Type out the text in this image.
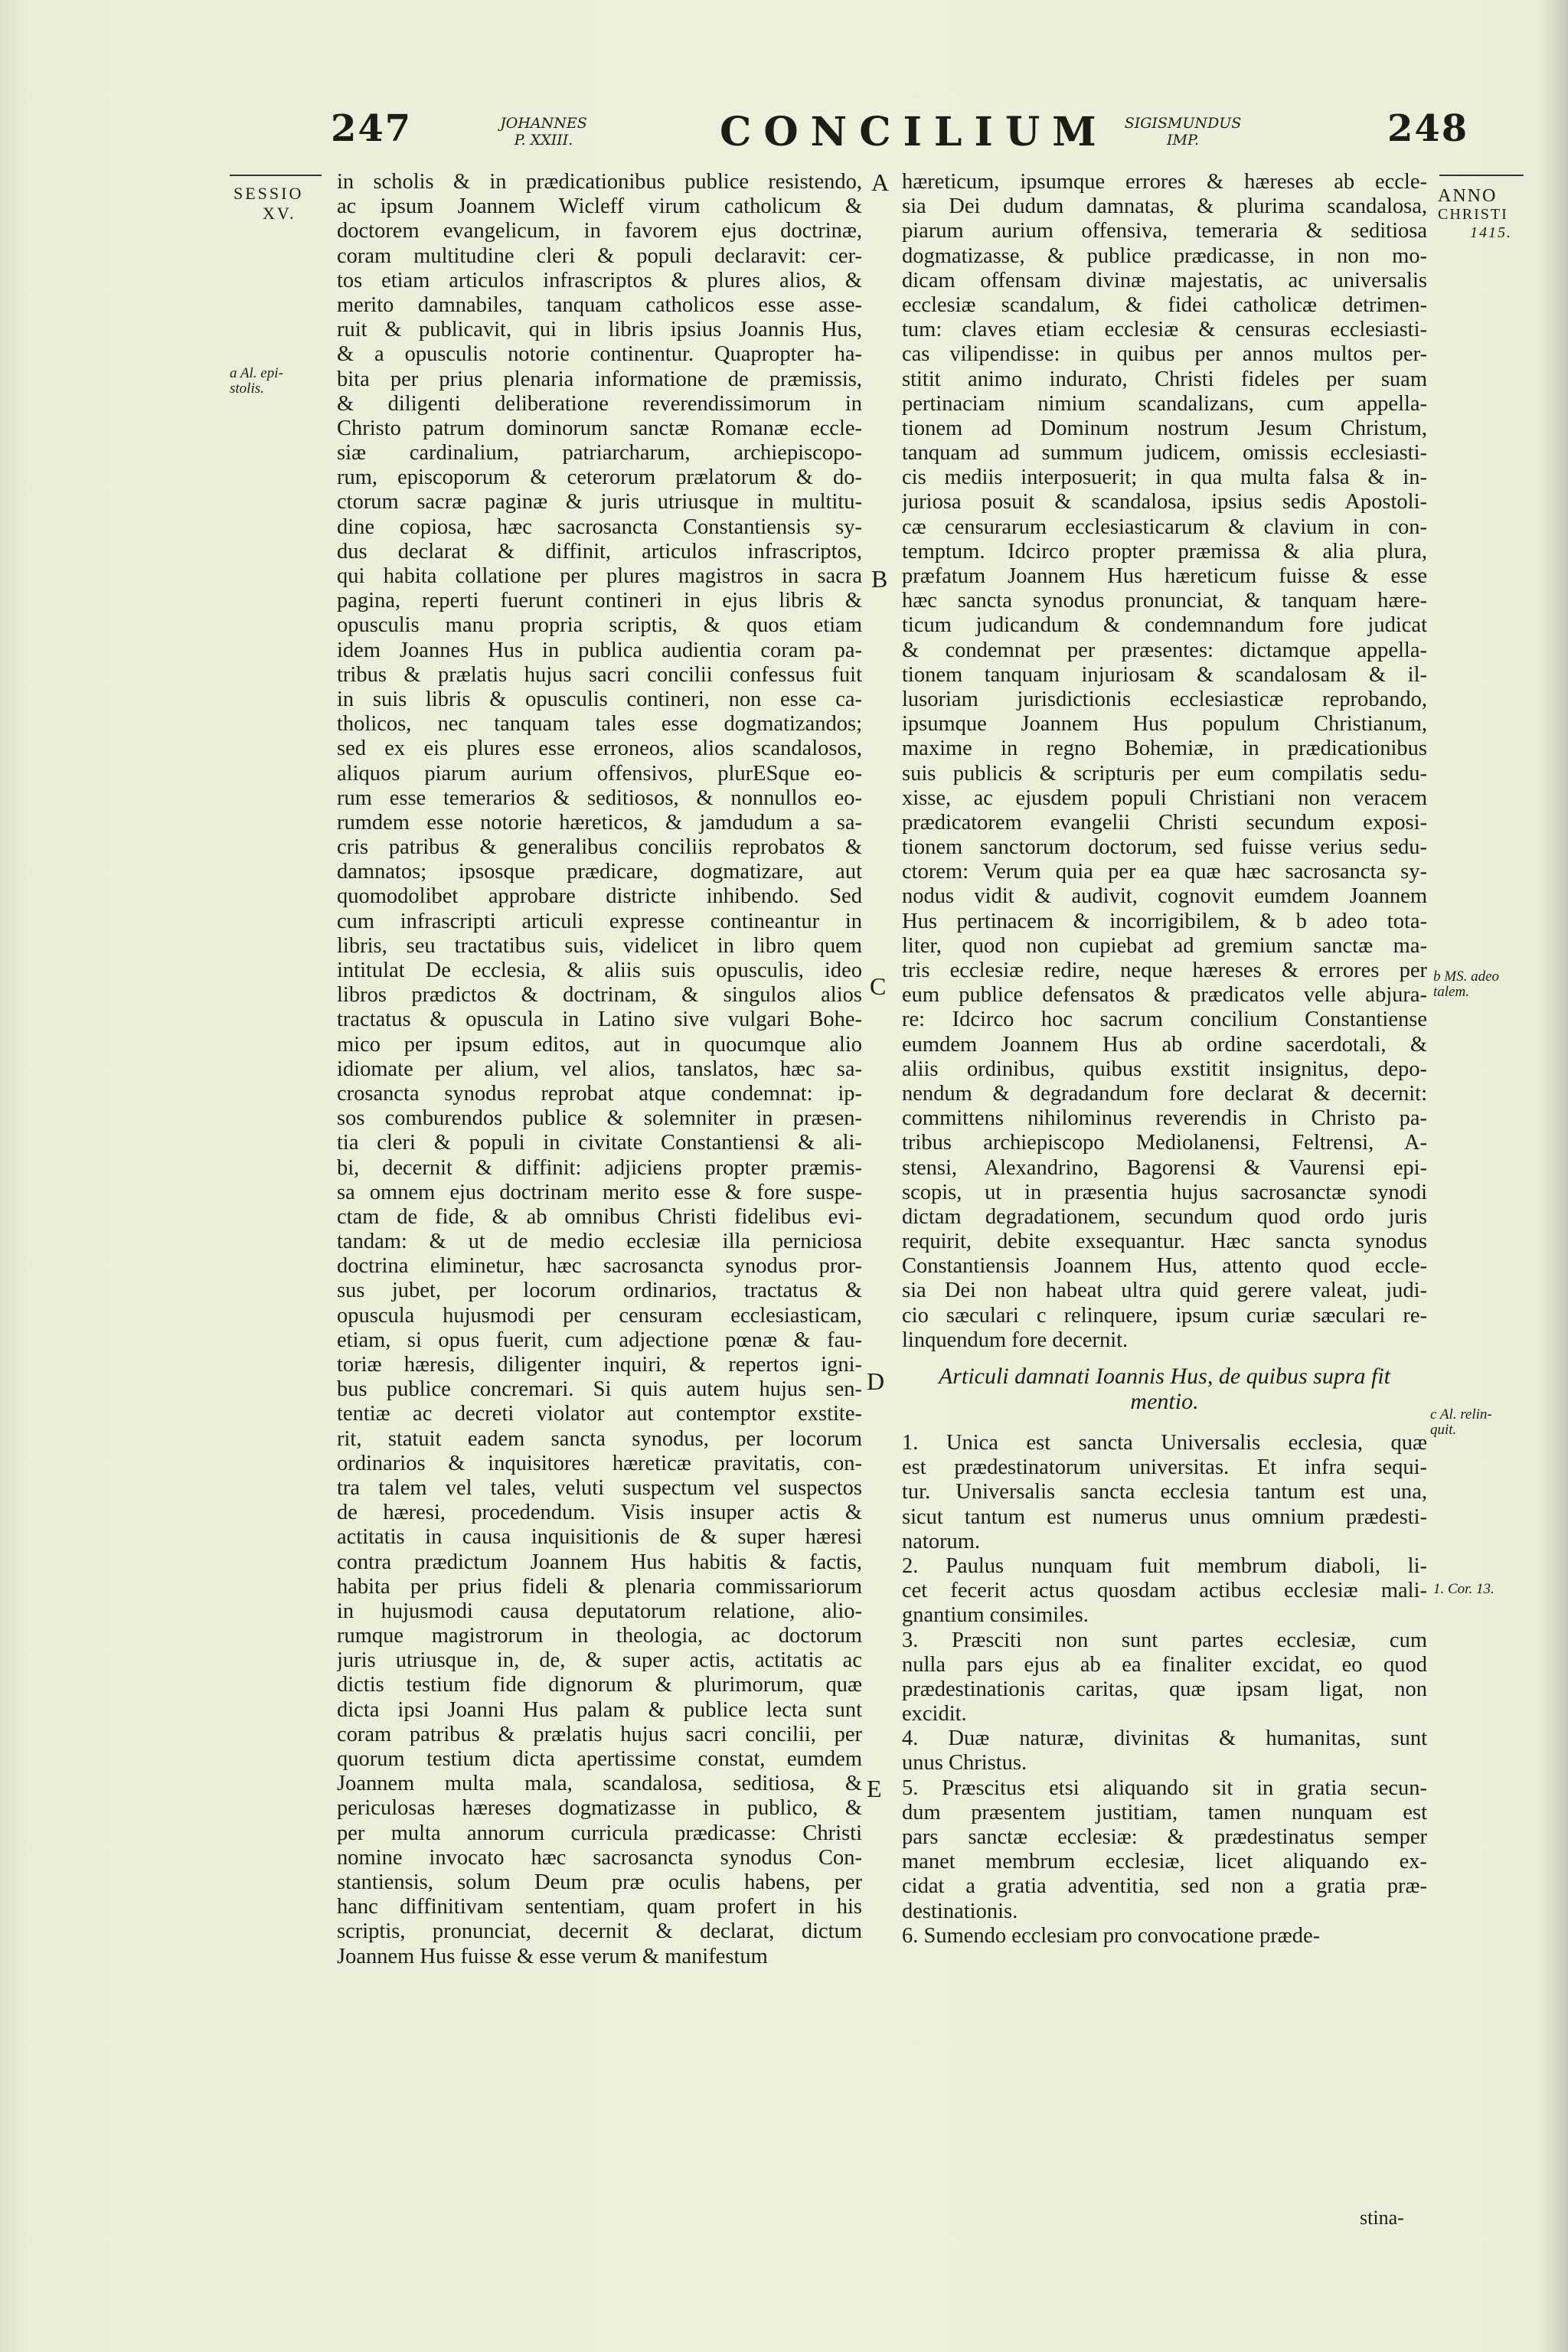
247	JOHANNES
P. XXIII.	CONCILIUM	SIGISMUNDUS
IMP.	248
SESSIO
XV.
a Al. epi-
stolis.
ANNO
CHRISTI
1415.
b MS. adeo
talem.
c Al. relin-
quit.
1. Cor. 13.
A
B
C
D
E
in scholis & in prædicationibus publice resistendo,
ac ipsum Joannem Wicleff virum catholicum &
doctorem evangelicum, in favorem ejus doctrinæ,
coram multitudine cleri & populi declaravit: cer-
tos etiam articulos infrascriptos & plures alios, &
merito damnabiles, tanquam catholicos esse asse-
ruit & publicavit, qui in libris ipsius Joannis Hus,
& a opusculis notorie continentur. Quapropter ha-
bita per prius plenaria informatione de præmissis,
& diligenti deliberatione reverendissimorum in
Christo patrum dominorum sanctæ Romanæ eccle-
siæ cardinalium, patriarcharum, archiepiscopo-
rum, episcoporum & ceterorum prælatorum & do-
ctorum sacræ paginæ & juris utriusque in multitu-
dine copiosa, hæc sacrosancta Constantiensis sy-
dus declarat & diffinit, articulos infrascriptos,
qui habita collatione per plures magistros in sacra
pagina, reperti fuerunt contineri in ejus libris &
opusculis manu propria scriptis, & quos etiam
idem Joannes Hus in publica audientia coram pa-
tribus & prælatis hujus sacri concilii confessus fuit
in suis libris & opusculis contineri, non esse ca-
tholicos, nec tanquam tales esse dogmatizandos;
sed ex eis plures esse erroneos, alios scandalosos,
aliquos piarum aurium offensivos, plurESque eo-
rum esse temerarios & seditiosos, & nonnullos eo-
rumdem esse notorie hæreticos, & jamdudum a sa-
cris patribus & generalibus conciliis reprobatos &
damnatos; ipsosque prædicare, dogmatizare, aut
quomodolibet approbare districte inhibendo. Sed
cum infrascripti articuli expresse contineantur in
libris, seu tractatibus suis, videlicet in libro quem
intitulat De ecclesia, & aliis suis opusculis, ideo
libros prædictos & doctrinam, & singulos alios
tractatus & opuscula in Latino sive vulgari Bohe-
mico per ipsum editos, aut in quocumque alio
idiomate per alium, vel alios, tanslatos, hæc sa-
crosancta synodus reprobat atque condemnat: ip-
sos comburendos publice & solemniter in præsen-
tia cleri & populi in civitate Constantiensi & ali-
bi, decernit & diffinit: adjiciens propter præmis-
sa omnem ejus doctrinam merito esse & fore suspe-
ctam de fide, & ab omnibus Christi fidelibus evi-
tandam: & ut de medio ecclesiæ illa perniciosa
doctrina eliminetur, hæc sacrosancta synodus pror-
sus jubet, per locorum ordinarios, tractatus &
opuscula hujusmodi per censuram ecclesiasticam,
etiam, si opus fuerit, cum adjectione pœnæ & fau-
toriæ hæresis, diligenter inquiri, & repertos igni-
bus publice concremari. Si quis autem hujus sen-
tentiæ ac decreti violator aut contemptor exstite-
rit, statuit eadem sancta synodus, per locorum
ordinarios & inquisitores hæreticæ pravitatis, con-
tra talem vel tales, veluti suspectum vel suspectos
de hæresi, procedendum. Visis insuper actis &
actitatis in causa inquisitionis de & super hæresi
contra prædictum Joannem Hus habitis & factis,
habita per prius fideli & plenaria commissariorum
in hujusmodi causa deputatorum relatione, alio-
rumque magistrorum in theologia, ac doctorum
juris utriusque in, de, & super actis, actitatis ac
dictis testium fide dignorum & plurimorum, quæ
dicta ipsi Joanni Hus palam & publice lecta sunt
coram patribus & prælatis hujus sacri concilii, per
quorum testium dicta apertissime constat, eumdem
Joannem multa mala, scandalosa, seditiosa, &
periculosas hæreses dogmatizasse in publico, &
per multa annorum curricula prædicasse: Christi
nomine invocato hæc sacrosancta synodus Con-
stantiensis, solum Deum præ oculis habens, per
hanc diffinitivam sententiam, quam profert in his
scriptis, pronunciat, decernit & declarat, dictum
Joannem Hus fuisse & esse verum & manifestum
hæreticum, ipsumque errores & hæreses ab eccle-
sia Dei dudum damnatas, & plurima scandalosa,
piarum aurium offensiva, temeraria & seditiosa
dogmatizasse, & publice prædicasse, in non mo-
dicam offensam divinæ majestatis, ac universalis
ecclesiæ scandalum, & fidei catholicæ detrimen-
tum: claves etiam ecclesiæ & censuras ecclesiasti-
cas vilipendisse: in quibus per annos multos per-
stitit animo indurato, Christi fideles per suam
pertinaciam nimium scandalizans, cum appella-
tionem ad Dominum nostrum Jesum Christum,
tanquam ad summum judicem, omissis ecclesiasti-
cis mediis interposuerit; in qua multa falsa & in-
juriosa posuit & scandalosa, ipsius sedis Apostoli-
cæ censurarum ecclesiasticarum & clavium in con-
temptum. Idcirco propter præmissa & alia plura,
præfatum Joannem Hus hæreticum fuisse & esse
hæc sancta synodus pronunciat, & tanquam hære-
ticum judicandum & condemnandum fore judicat
& condemnat per præsentes: dictamque appella-
tionem tanquam injuriosam & scandalosam & il-
lusoriam jurisdictionis ecclesiasticæ reprobando,
ipsumque Joannem Hus populum Christianum,
maxime in regno Bohemiæ, in prædicationibus
suis publicis & scripturis per eum compilatis sedu-
xisse, ac ejusdem populi Christiani non veracem
prædicatorem evangelii Christi secundum exposi-
tionem sanctorum doctorum, sed fuisse verius sedu-
ctorem: Verum quia per ea quæ hæc sacrosancta sy-
nodus vidit & audivit, cognovit eumdem Joannem
Hus pertinacem & incorrigibilem, & b adeo tota-
liter, quod non cupiebat ad gremium sanctæ ma-
tris ecclesiæ redire, neque hæreses & errores per
eum publice defensatos & prædicatos velle abjura-
re: Idcirco hoc sacrum concilium Constantiense
eumdem Joannem Hus ab ordine sacerdotali, &
aliis ordinibus, quibus exstitit insignitus, depo-
nendum & degradandum fore declarat & decernit:
committens nihilominus reverendis in Christo pa-
tribus archiepiscopo Mediolanensi, Feltrensi, A-
stensi, Alexandrino, Bagorensi & Vaurensi epi-
scopis, ut in præsentia hujus sacrosanctæ synodi
dictam degradationem, secundum quod ordo juris
requirit, debite exsequantur. Hæc sancta synodus
Constantiensis Joannem Hus, attento quod eccle-
sia Dei non habeat ultra quid gerere valeat, judi-
cio sæculari c relinquere, ipsum curiæ sæculari re-
linquendum fore decernit.
Articuli damnati Ioannis Hus, de quibus supra fit mentio.
1. Unica est sancta Universalis ecclesia, quæ
est prædestinatorum universitas. Et infra sequi-
tur. Universalis sancta ecclesia tantum est una,
sicut tantum est numerus unus omnium prædesti-
natorum.
2. Paulus nunquam fuit membrum diaboli, li-
cet fecerit actus quosdam actibus ecclesiæ mali-
gnantium consimiles.
3. Præsciti non sunt partes ecclesiæ, cum
nulla pars ejus ab ea finaliter excidat, eo quod
prædestinationis caritas, quæ ipsam ligat, non
excidit.
4. Duæ naturæ, divinitas & humanitas, sunt
unus Christus.
5. Præscitus etsi aliquando sit in gratia secun-
dum præsentem justitiam, tamen nunquam est
pars sanctæ ecclesiæ: & prædestinatus semper
manet membrum ecclesiæ, licet aliquando ex-
cidat a gratia adventitia, sed non a gratia præ-
destinationis.
6. Sumendo ecclesiam pro convocatione præde-
stina-
